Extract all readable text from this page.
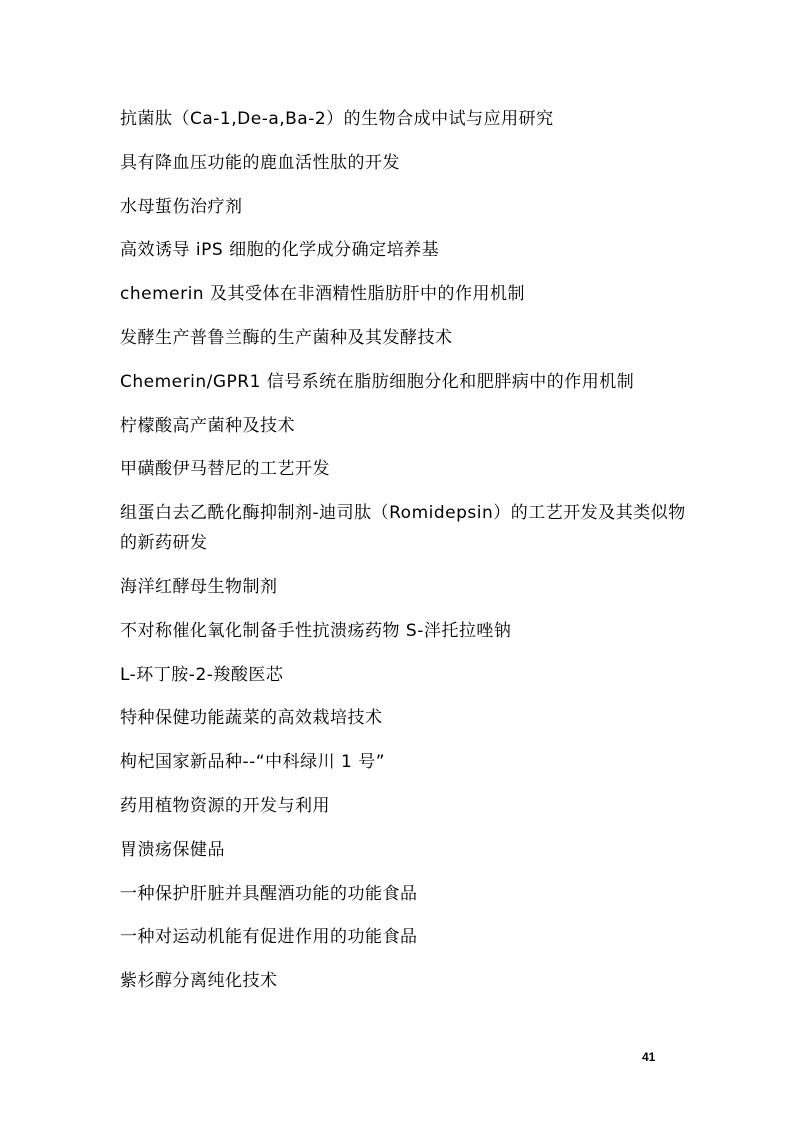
抗菌肽（Ca-1,De-a,Ba-2）的生物合成中试与应用研究
具有降血压功能的鹿血活性肽的开发
水母蜇伤治疗剂
高效诱导 iPS 细胞的化学成分确定培养基
chemerin 及其受体在非酒精性脂肪肝中的作用机制
发酵生产普鲁兰酶的生产菌种及其发酵技术
Chemerin/GPR1 信号系统在脂肪细胞分化和肥胖病中的作用机制
柠檬酸高产菌种及技术
甲磺酸伊马替尼的工艺开发
组蛋白去乙酰化酶抑制剂-迪司肽（Romidepsin）的工艺开发及其类似物的新药研发
海洋红酵母生物制剂
不对称催化氧化制备手性抗溃疡药物 S-泮托拉唑钠
L-环丁胺-2-羧酸医芯
特种保健功能蔬菜的高效栽培技术
枸杞国家新品种--“中科绿川 1 号”
药用植物资源的开发与利用
胃溃疡保健品
一种保护肝脏并具醒酒功能的功能食品
一种对运动机能有促进作用的功能食品
紫杉醇分离纯化技术
41
